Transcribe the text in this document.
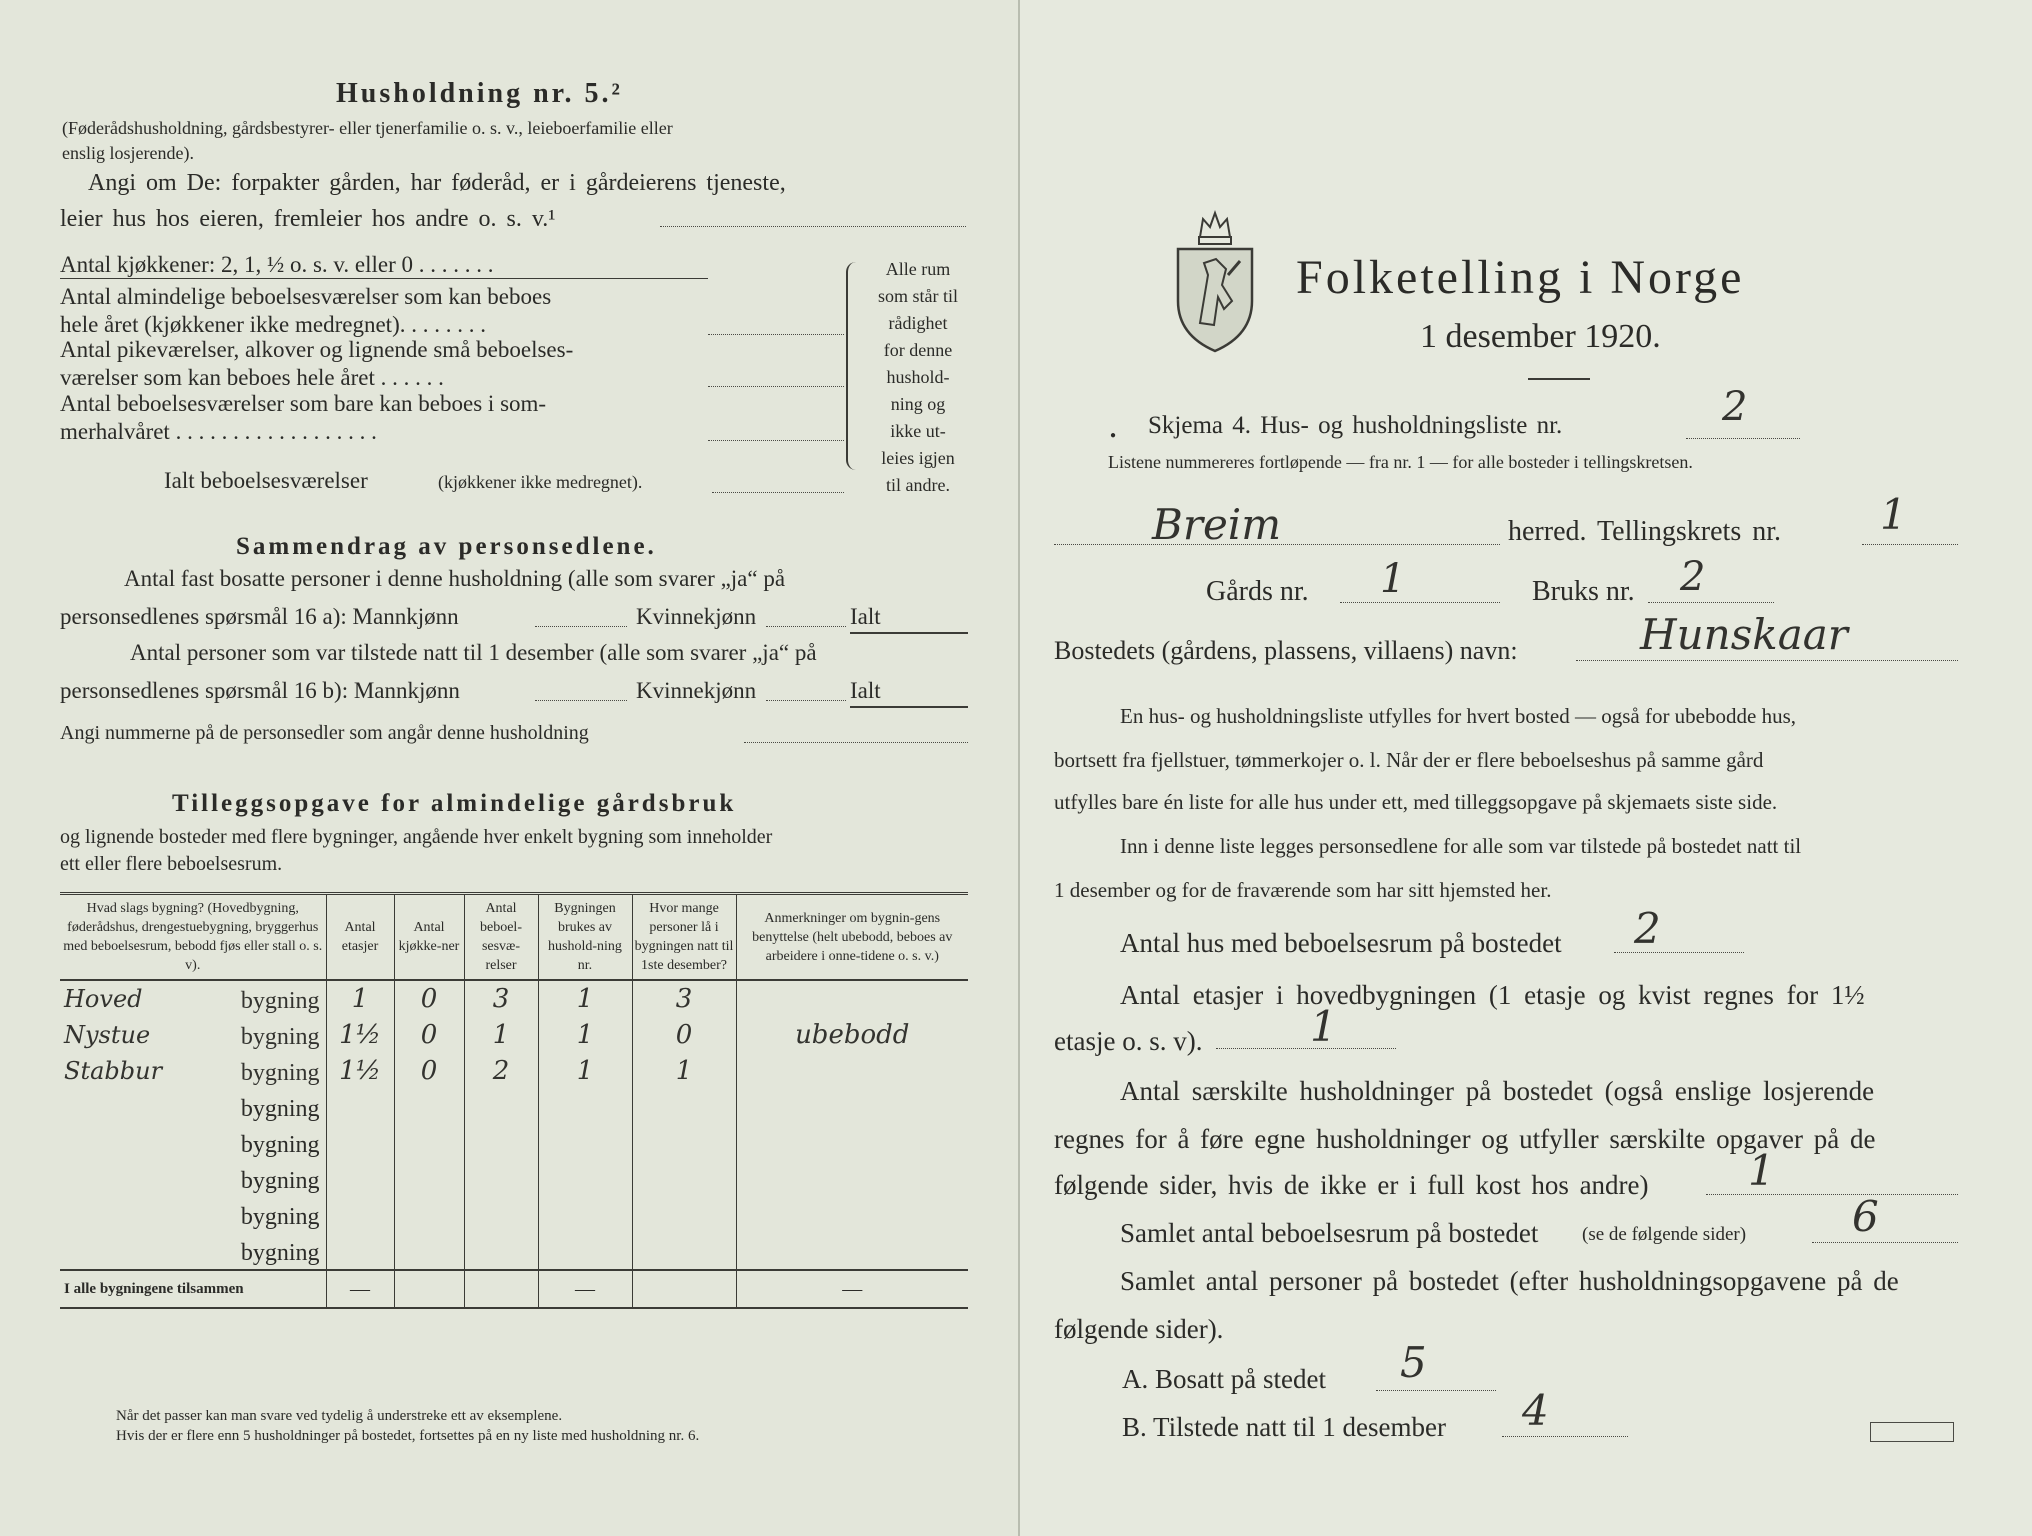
Husholdning nr. 5.²
(Føderådshusholdning, gårdsbestyrer- eller tjenerfamilie o. s. v., leieboerfamilie eller
enslig losjerende).
Angi om De: forpakter gården, har føderåd, er i gårdeierens tjeneste,
leier hus hos eieren, fremleier hos andre o. s. v.¹
Antal kjøkkener: 2, 1, ½ o. s. v. eller 0 . . . . . . .
Antal almindelige beboelsesværelser som kan beboes
hele året (kjøkkener ikke medregnet). . . . . . . .
Antal pikeværelser, alkover og lignende små beboelses-
værelser som kan beboes hele året . . . . . .
Antal beboelsesværelser som bare kan beboes i som-
merhalvåret . . . . . . . . . . . . . . . . . .
Ialt beboelsesværelser	(kjøkkener ikke medregnet).
Alle rum
som står til
rådighet
for denne
hushold-
ning og
ikke ut-
leies igjen
til andre.
Sammendrag av personsedlene.
Antal fast bosatte personer i denne husholdning (alle som svarer „ja“ på
personsedlenes spørsmål 16 a): Mannkjønn	Kvinnekjønn	Ialt
Antal personer som var tilstede natt til 1 desember (alle som svarer „ja“ på
personsedlenes spørsmål 16 b): Mannkjønn	Kvinnekjønn	Ialt
Angi nummerne på de personsedler som angår denne husholdning
Tilleggsopgave for almindelige gårdsbruk
og lignende bosteder med flere bygninger, angående hver enkelt bygning som inneholder
ett eller flere beboelsesrum.
Hvad slags bygning? (Hovedbygning, føderådshus, drengestuebygning, bryggerhus med beboelsesrum, bebodd fjøs eller stall o. s. v).	Antal etasjer	Antal kjøkke-ner	Antal beboel-sesvæ-relser	Bygningen brukes av hushold-ning nr.	Hvor mange personer lå i bygningen natt til 1ste desember?	Anmerkninger om bygnin-gens benyttelse (helt ubebodd, beboes av arbeidere i onne-tidene o. s. v.)
Hoved bygning	1	0	3	1	3	
Nystue bygning	1½	0	1	1	0	ubebodd
Stabbur bygning	1½	0	2	1	1	

bygning						

bygning						

bygning						

bygning						

bygning						

I alle bygningene tilsammen	—			—		—
Når det passer kan man svare ved tydelig å understreke ett av eksemplene.
Hvis der er flere enn 5 husholdninger på bostedet, fortsettes på en ny liste med husholdning nr. 6.
Folketelling i Norge
1 desember 1920.
● Skjema 4. Hus- og husholdningsliste nr.	2
Listene nummereres fortløpende — fra nr. 1 — for alle bosteder i tellingskretsen.
Breim	herred. Tellingskrets nr. 1
Gårds nr. 1	Bruks nr. 2
Bostedets (gårdens, plassens, villaens) navn:	Hunskaar
En hus- og husholdningsliste utfylles for hvert bosted — også for ubebodde hus,
bortsett fra fjellstuer, tømmerkojer o. l. Når der er flere beboelseshus på samme gård
utfylles bare én liste for alle hus under ett, med tilleggsopgave på skjemaets siste side.
Inn i denne liste legges personsedlene for alle som var tilstede på bostedet natt til
1 desember og for de fraværende som har sitt hjemsted her.
Antal hus med beboelsesrum på bostedet 2
Antal etasjer i hovedbygningen (1 etasje og kvist regnes for 1½
etasje o. s. v).	1
Antal særskilte husholdninger på bostedet (også enslige losjerende
regnes for å føre egne husholdninger og utfyller særskilte opgaver på de
følgende sider, hvis de ikke er i full kost hos andre) 1
Samlet antal beboelsesrum på bostedet (se de følgende sider)	6
Samlet antal personer på bostedet (efter husholdningsopgavene på de
følgende sider).
A. Bosatt på stedet 5
B. Tilstede natt til 1 desember 4
